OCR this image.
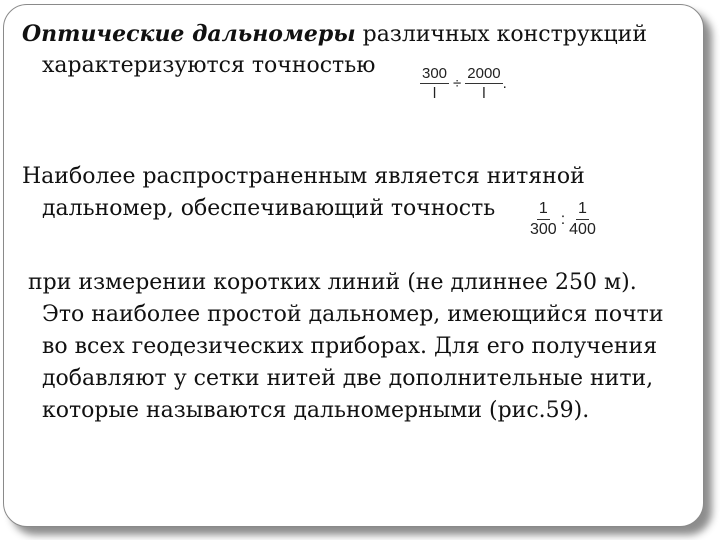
Оптические дальномеры различных конструкций
характеризуются точностью
$\frac{300}{l} \div \frac{2000}{l}$ .
Наиболее распространенным является нитяной
дальномер, обеспечивающий точность $\frac{1}{300}$ : $\frac{1}{400}$
при измерении коротких линий (не длиннее 250 м).
Это наиболее простой дальномер, имеющийся почти
во всех геодезических приборах. Для его получения
добавляют у сетки нитей две дополнительные нити,
которые называются дальномерными (рис.59).
